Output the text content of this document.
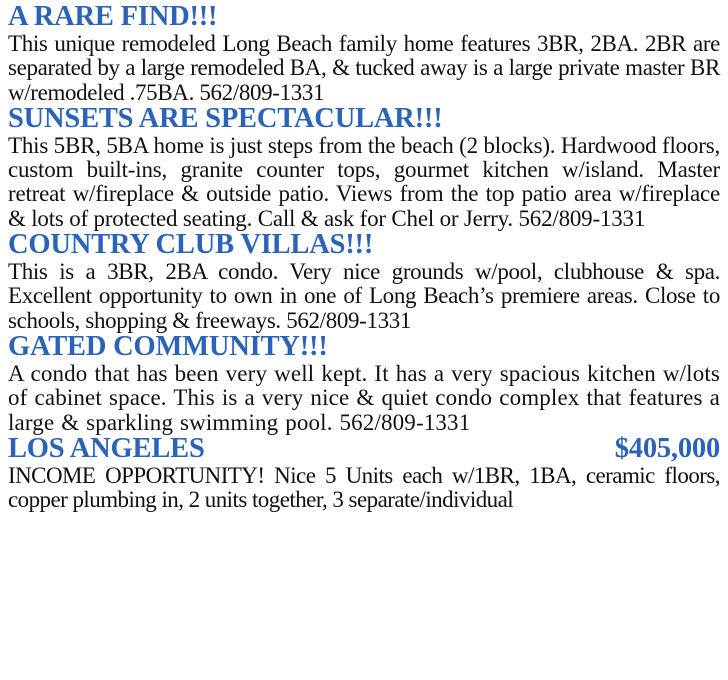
A RARE FIND!!!
This unique remodeled Long Beach family home features 3BR, 2BA. 2BR are separated by a large remodeled BA, & tucked away is a large private master BR w/remodeled .75BA. 562/809-1331
SUNSETS ARE SPECTACULAR!!!
This 5BR, 5BA home is just steps from the beach (2 blocks). Hardwood floors, custom built-ins, granite counter tops, gourmet kitchen w/island. Master retreat w/fireplace & outside patio. Views from the top patio area w/fireplace & lots of protected seating. Call & ask for Chel or Jerry. 562/809-1331
COUNTRY CLUB VILLAS!!!
This is a 3BR, 2BA condo. Very nice grounds w/pool, clubhouse & spa. Excellent opportunity to own in one of Long Beach’s premiere areas. Close to schools, shopping & freeways. 562/809-1331
GATED COMMUNITY!!!
A condo that has been very well kept. It has a very spacious kitchen w/lots of cabinet space. This is a very nice & quiet condo complex that features a large & sparkling swimming pool. 562/809-1331
LOS ANGELES	$405,000
INCOME OPPORTUNITY! Nice 5 Units each w/1BR, 1BA, ceramic floors, copper plumbing in, 2 units together, 3 separate/individual
